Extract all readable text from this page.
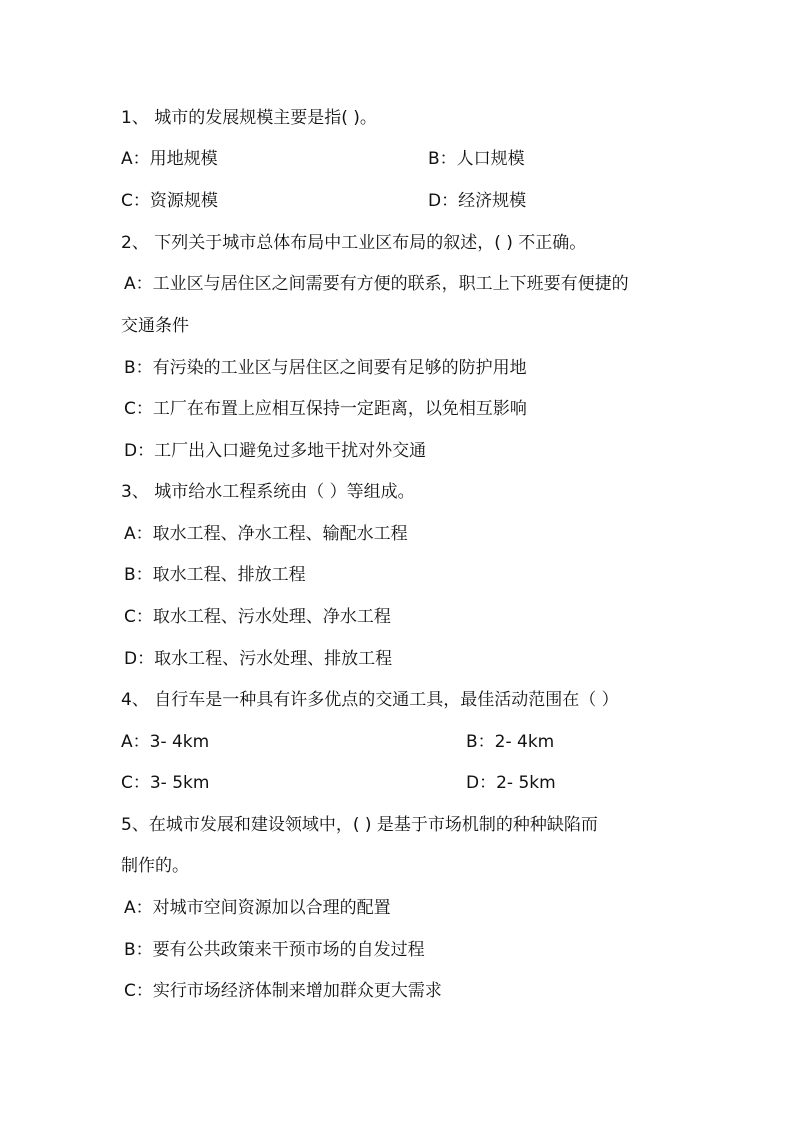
1、 城市的发展规模主要是指( )。
A：用地规模	B：人口规模
C：资源规模	D：经济规模
2、 下列关于城市总体布局中工业区布局的叙述，( ) 不正确。
A：工业区与居住区之间需要有方便的联系，职工上下班要有便捷的
交通条件
B：有污染的工业区与居住区之间要有足够的防护用地
C：工厂在布置上应相互保持一定距离，以免相互影响
D：工厂出入口避免过多地干扰对外交通
3、 城市给水工程系统由（ ）等组成。
A：取水工程、净水工程、输配水工程
B：取水工程、排放工程
C：取水工程、污水处理、净水工程
D：取水工程、污水处理、排放工程
4、 自行车是一种具有许多优点的交通工具，最佳活动范围在（ ）
A：3- 4km	B：2- 4km
C：3- 5km	D：2- 5km
5、在城市发展和建设领域中，( ) 是基于市场机制的种种缺陷而
制作的。
A：对城市空间资源加以合理的配置
B：要有公共政策来干预市场的自发过程
C：实行市场经济体制来增加群众更大需求
